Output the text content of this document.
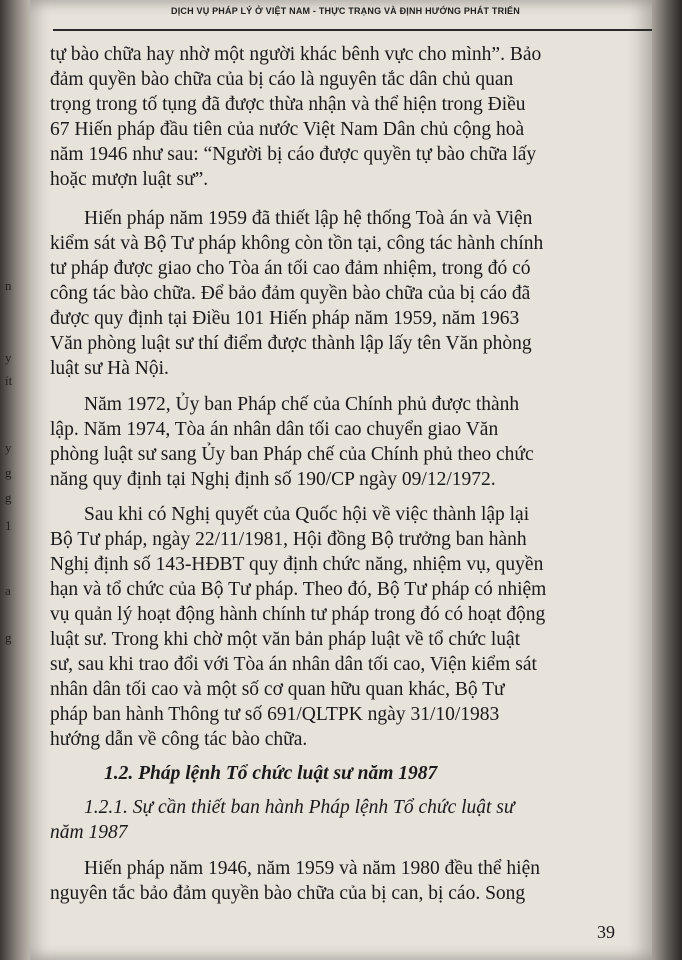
n
y
ít
y
g
g
1
a
g
DỊCH VỤ PHÁP LÝ Ở VIỆT NAM - THỰC TRẠNG VÀ ĐỊNH HƯỚNG PHÁT TRIỂN
tự bào chữa hay nhờ một người khác bênh vực cho mình”. Bảo
đảm quyền bào chữa của bị cáo là nguyên tắc dân chủ quan
trọng trong tố tụng đã được thừa nhận và thể hiện trong Điều
67 Hiến pháp đầu tiên của nước Việt Nam Dân chủ cộng hoà
năm 1946 như sau: “Người bị cáo được quyền tự bào chữa lấy
hoặc mượn luật sư”.
Hiến pháp năm 1959 đã thiết lập hệ thống Toà án và Viện
kiểm sát và Bộ Tư pháp không còn tồn tại, công tác hành chính
tư pháp được giao cho Tòa án tối cao đảm nhiệm, trong đó có
công tác bào chữa. Để bảo đảm quyền bào chữa của bị cáo đã
được quy định tại Điều 101 Hiến pháp năm 1959, năm 1963
Văn phòng luật sư thí điểm được thành lập lấy tên Văn phòng
luật sư Hà Nội.
Năm 1972, Ủy ban Pháp chế của Chính phủ được thành
lập. Năm 1974, Tòa án nhân dân tối cao chuyển giao Văn
phòng luật sư sang Ủy ban Pháp chế của Chính phủ theo chức
năng quy định tại Nghị định số 190/CP ngày 09/12/1972.
Sau khi có Nghị quyết của Quốc hội về việc thành lập lại
Bộ Tư pháp, ngày 22/11/1981, Hội đồng Bộ trưởng ban hành
Nghị định số 143-HĐBT quy định chức năng, nhiệm vụ, quyền
hạn và tổ chức của Bộ Tư pháp. Theo đó, Bộ Tư pháp có nhiệm
vụ quản lý hoạt động hành chính tư pháp trong đó có hoạt động
luật sư. Trong khi chờ một văn bản pháp luật về tổ chức luật
sư, sau khi trao đổi với Tòa án nhân dân tối cao, Viện kiểm sát
nhân dân tối cao và một số cơ quan hữu quan khác, Bộ Tư
pháp ban hành Thông tư số 691/QLTPK ngày 31/10/1983
hướng dẫn về công tác bào chữa.
1.2. Pháp lệnh Tổ chức luật sư năm 1987
1.2.1. Sự cần thiết ban hành Pháp lệnh Tổ chức luật sư
năm 1987
Hiến pháp năm 1946, năm 1959 và năm 1980 đều thể hiện
nguyên tắc bảo đảm quyền bào chữa của bị can, bị cáo. Song
39
